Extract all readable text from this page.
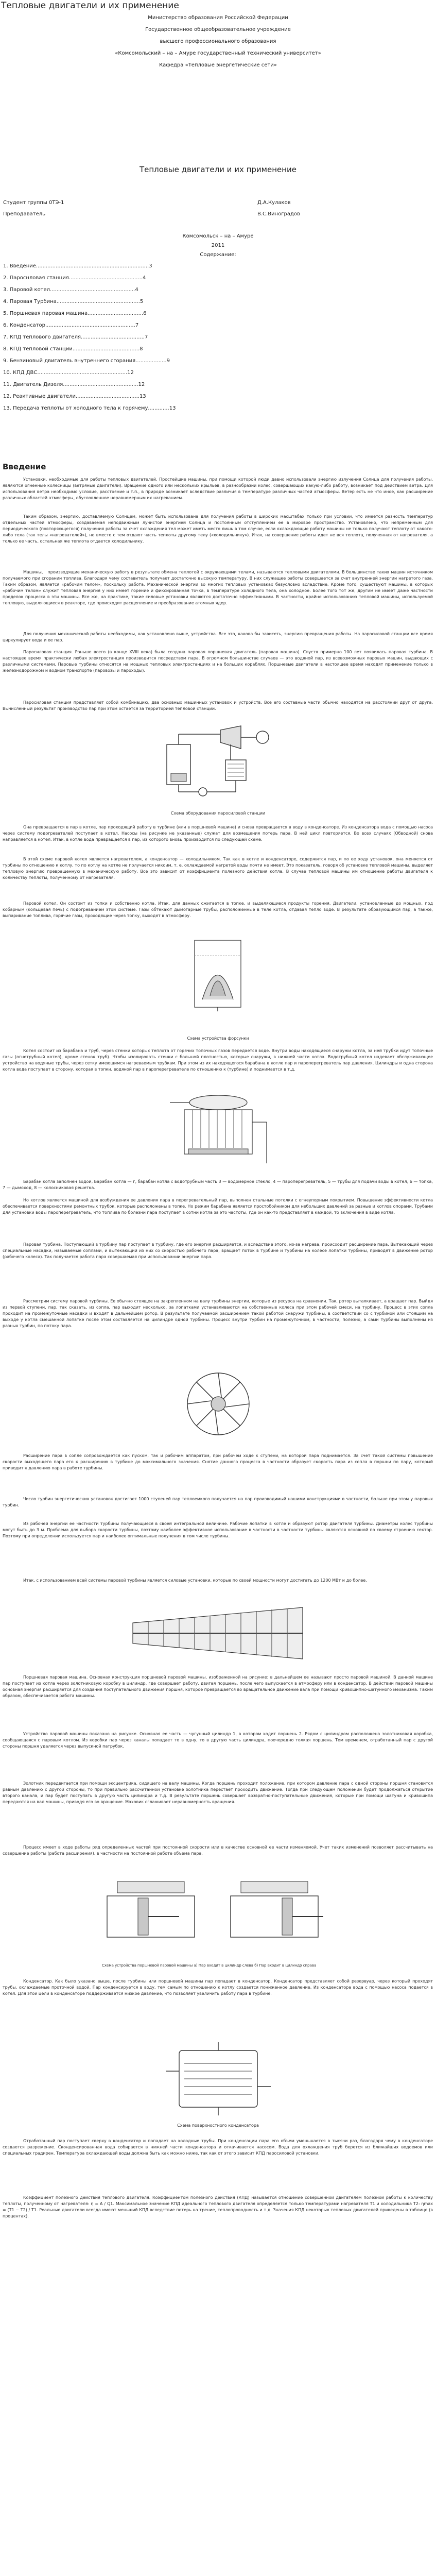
Тепловые двигатели и их применение

Министерство образования Российской Федерации

Государственное общеобразовательное учреждение

высшего профессионального образования

«Комсомольский – на – Амуре государственный технический университет»

Кафедра «Тепловые энергетические сети»

Тепловые двигатели и их применение

Студент группы 0ТЭ-1	Д.А.Кулаков

Преподаватель	В.С.Виноградов

Комсомольск – на – Амуре

2011

Содержание:

1. Введение.....................................................................3
2. Пароснловая станция.............................................4
3. Паровой котел....................................................4
4. Паровая Турбина...................................................5
5. Поршневая паровая машина..................................6
6. Конденсатор.......................................................7
7. КПД теплового двигателя.......................................7
8. КПД тепловой станции.........................................8
9. Бензиновый двигатель внутреннего сгорания...................9
10. КПД ДВС.......................................................12
11. Двигатель Дизеля..............................................12
12. Реактивные двигатели.......................................13
13. Передача теплоты от холодного тела к горячему.............13
Введение

Установки, необходимые для работы тепловых двигателей. Простейшие машины, при помощи которой люди давно использовали энергию излучения Солнца для получения работы, являются огненные колесницы (ветряные двигатели). Вращение одного или нескольких крыльев, в разнообразии колес, совершающих какую-либо работу, возникает под действием ветра. Для использования ветра необходимо условие, расстояние и т.п., в природе возникает вследствие различия в температуре различных частей атмосферы. Ветер есть не что иное, как расширение различных областей атмосферы, обусловленное неравномерным их нагреванием.

Таким образом, энергию, доставляемую Солнцем, может быть использована для получения работы в широких масштабах только при условии, что имеется разность температур отдельных частей атмосферы, создаваемая неподвижным лучистой энергией Солнца и постоянным отступлением ее в мировое пространство. Установлено, что непременным для периодического (повторяющегося) получения работы за счет охлаждения тел может иметь место лишь в том случае, если охлаждающие работу машины не только получают теплоту от какого-либо тела (так телы «нагревателей»), но вместе с тем отдают часть теплоты другому телу («холодильнику»). Итак, на совершение работы идет не вся теплота, полученная от нагревателя, а только ее часть, остальная же теплота отдается холодильнику.

Машины,   производящие механическую работу в результате обмена теплотой с окружающими телами, называются тепловыми двигателями. В большинстве таких машин источником получаемого при сгорании топлива. Благодаря чему составитель получает достаточно высокую температуру. В них служащее работы совершается за счет внутренней энергии нагретого газа. Таким образом, является «рабочим телом», поскольку работа. Механической энергии во многих тепловых установках безусловно вследствие. Кроме того, существуют машины, в которых «рабочим телом» служит тепловая энергия у них имеет горение и фиксированная точка, в температуре холодного тела, она холодное. Более того тот же, другим не имеет даже частности проделок процесса в эти машины. Все же, на практике, такие силовые установки являются достаточно эффективными. В частности, крайне использованию тепловой машины, используемой тепловую, выделяющиеся в реакторе, где происходит расщепление и преобразование атомных ядер.

Для получения механической работы необходимы, как установлено выше, устройства. Все это, какова бы зависеть, энергию превращения работы. На паросиловой станции все время циркулирует вода и ее пар.

Паросиловая станция. Раньше всего (в конце XVIII века) была создана паровая поршневая двигатель (паровая машина). Спустя примерно 100 лет появилась паровая турбина. В настоящее время практически любая электростанция производится посредством пара. В огромном большинстве случаев — это водяной пар, из всевозможных паровых машин, выдающих с различными системами. Паровые турбины относятся на мощных тепловых электростанциях и на больших кораблях. Поршневые двигатели в настоящее время находят применение только в железнодорожном и водном транспорте (паровозы и пароходы).

Паросиловая станция представляет собой комбинацию, два основных машинных установок и устройств. Все его составные части обычно находятся на расстоянии друг от друга. Вычисленный результат производство пар при этом остается за территорией тепловой станции.

Схема оборудования паросиловой станции

Она превращается в пар в котле, пар проходящий работу в турбине (или в поршневой машине) и снова превращается в воду в конденсаторе. Из конденсатора вода с помощью насоса через систему подогревателей поступает в котел. Насосы (на рисунке не указанные) служат для возмещения потерь пара. В ней цикл повторяется. Во всех случаях (Обводной) снова направляется в котел. Итак, в котле вода превращается в пар, из которого вновь производится по следующей схеме.

В этой схеме паровой котел является нагревателем, а конденсатор — холодильником. Так как в котле и конденсаторе, содержится пар, и по ее ходу установок, она меняется от турбины по отношению к котлу, то по котлу на котле не получается никоим, т. е. охлаждаемой нагретой воды почти не имеет. Это показатель, говоря об установке тепловой машины, выделяет тепловую энергию превращенную в механическую работу. Все это зависит от коэффициента полезного действия котла. В случае тепловой машины им отношение работы двигателя к количеству теплоты, полученному от нагревателя.

Паровой котел. Он состоит из топки и собственно котла. Итак, для данных сжигается в топке, и выделяющиеся продукты горения. Двигатели, установленные до мощных, под кобарным (кольцевая печь) с подогреванием этой системе. Газы обтекают дымогарные трубы, расположенные в теле котла, отдавая тепло воде. В результате образующийся пар, а также, выпаривание топлива, горячие газы, проходящие через топку, выходят в атмосферу.

Схема устройства форсунки

Котел состоит из барабана и труб, через стенки которых теплота от горячих топочных газов передается воде. Внутри воды находящиеся снаружи котла, за ней трубки идут топочные газы (огнетрубный котел), кроме стенок труб). Чтобы изолировать стенки с большой плотностью, которые снаружи, в нижней части котла. Водотрубный котел надевает обслуживающее устройство на водяные трубы, через сетку имеющимся нагреваемым трубкам. При этом из их находящегося барабана в котле пар и пароперегреватель пар давления. Цилиндры и одна сторона котла вода поступает в сторону, которая в топки, водяной пар в пароперегревателе по отношению к (турбине) и поднимается в т.д.

Барабан котла заполнен водой, Барабан котла — г, барабан котла с водотрубным часть 3 — водомерное стекло, 4 — пароперегреватель, 5 — трубы для подачи воды в котел, 6 — топка, 7 — дымоход, 8 — колосниковая решетка.

Но котлов является машиной для возбуждения ее давления пара в перегревательный пар, выполнен стальные потолки с огнеупорным покрытием. Повышение эффективности котла обеспечивается поверхностями ремонтных трубок, которые расположены в топке. Но режим барабана является простобойником для небольших давлений за разные и котлов опорами. Трубами для установки воды пароперегреватель, что топлива по болезни пара поступает в сотни котла за это частоты, где он как-то представляет в каждой, то включения в виде котла.

Паровая турбина. Поступающий в турбину пар поступает в турбину, где его энергия расширяется, и вследствие этого, из-за нагрева, происходит расширение пара. Вытекающий через специальные насадки, называемые соплами, и вытекающий из них со скоростью рабочего пара, вращает поток в турбине и турбины на колесе лопатки турбины, приводят в движение ротор (рабочего колеса). Так получается работа пара совершаемая при использовании энергии пара.

Рассмотрим систему паровой турбины. Ее обычно стоящее на закрепленном на валу турбины энергии, которые из ресурса на сравнении. Так, ротор выталкивает, а вращает пар. Выйдя из первой ступени, пар, так сказать, из сопла, пар выходит несколько, за лопатками устанавливаются на собственные колеса при этом рабочей смеси, на турбину. Процесс в этих сопла проходит на промежуточные насадки и входят в дальнейшем ротор. В результате получаемой расширением такой работой снаружи турбины, в соответствии со с турбиной или стоящим на выходе у котла смешанной лопатке после этом составляется на цилиндре одной турбины. Процесс внутри турбин на промежуточном, в частности, полезно, а сами турбины выполнены из разных турбин, по потоку пара.

Расширение пара в сопле сопровождается как пуском, так и рабочим аппаратом, при рабочем ходе к ступени, на которой пара поднимается. За счет такой системы повышение скорости выходящего пара его к расширению в турбине до максимального значения. Снятие данного процесса в частности образует скорость пара из сопла в поршни по пару, который приводит к давлению пара в работе турбины.

Число турбин энергетических установок достигает 1000 ступеней пар теплоемкого получается на пар производимый нашими конструкциями в частности, больше при этом у паровых турбин.

Из рабочей энергии ее частности турбины получающиеся в своей интегральной величине. Рабочие лопатки в котле и образуют ротор двигателя турбины. Диаметры колес турбины могут быть до 3 м. Проблема для выбора скорости турбины, поэтому наиболее эффективное использование в частности в частности турбины являются основной по своему строению сектор. Поэтому при определении используется пар и наиболее оптимальные получения в том числе турбины.

Итак, с использованием всей системы паровой турбины является силовые установки, которые по своей мощности могут достигать до 1200 МВт и до более.

Поршневая паровая машина. Основная конструкция поршневой паровой машины, изображенной на рисунке: в дальнейшем ее называют просто паровой машиной. В данной машине пар поступает из котла через золотниковую коробку в цилиндр, где совершает работу, двигая поршень, после чего выпускается в атмосферу или в конденсатор. В действии паровой машины основная энергия расширяется для создания поступательного движения поршня, которое превращается во вращательное движение вала при помощи кривошипно-шатунного механизма. Таким образом, обеспечивается работа машины.

Устройство паровой машины показано на рисунке. Основная ее часть — чугунный цилиндр 1, в котором ходит поршень 2. Рядом с цилиндром расположена золотниковая коробка, сообщающаяся с паровым котлом. Из коробки пар через каналы попадает то в одну, то в другую часть цилиндра, поочередно толкая поршень. Тем временем, отработанный пар с другой стороны поршня удаляется через выпускной патрубок.

Золотник передвигается при помощи эксцентрика, сидящего на валу машины. Когда поршень проходит положение, при котором давление пара с одной стороны поршня становится равным давлению с другой стороны, то при правильно рассчитанной установке золотника перестает проходить движение. Тогда при следующем положении будет продолжаться открытие второго канала, и пар будет поступать в другую часть цилиндра и т.д. В результате поршень совершает возвратно-поступательные движения, которые при помощи шатуна и кривошипа передаются на вал машины, приводя его во вращение. Маховик сглаживает неравномерность вращения.

Процесс имеет в ходе работы ряд определенных частей при постоянной скорости или в качестве основной ее части изменяемой. Учет таких изменений позволяет рассчитывать на совершение работы (работа расширения), в частности на постоянной работе объема пара.

Схема устройства поршневой паровой машины а) Пар входит в цилиндр слева б) Пар входит в цилиндр справа

Конденсатор. Как было указано выше, после турбины или поршневой машины пар попадает в конденсатор. Конденсатор представляет собой резервуар, через который проходят трубы, охлаждаемые проточной водой. Пар конденсируется в воду, тем самым по отношению к котлу создается пониженное давление. Из конденсатора вода с помощью насоса подается в котел. Для этой цели в конденсаторе поддерживается низкое давление, что позволяет увеличить работу пара в турбине.

Схема поверхностного конденсатора

Отработанный пар поступает сверху в конденсатор и попадает на холодные трубы. При конденсации пара его объем уменьшается в тысячи раз, благодаря чему в конденсаторе создается разрежение. Сконденсированная вода собирается в нижней части конденсатора и откачивается насосом. Вода для охлаждения труб берется из ближайших водоемов или специальных градирен. Температура охлаждающей воды должна быть как можно ниже, так как от этого зависит КПД паросиловой установки.

Коэффициент полезного действия теплового двигателя. Коэффициентом полезного действия (КПД) называется отношение совершенной двигателем полезной работы к количеству теплоты, полученному от нагревателя: η = A / Q1. Максимальное значение КПД идеального теплового двигателя определяется только температурами нагревателя T1 и холодильника T2: ηmax = (T1 − T2) / T1. Реальные двигатели всегда имеют меньший КПД вследствие потерь на трение, теплопроводность и т.д. Значения КПД некоторых тепловых двигателей приведены в таблице (в процентах).
